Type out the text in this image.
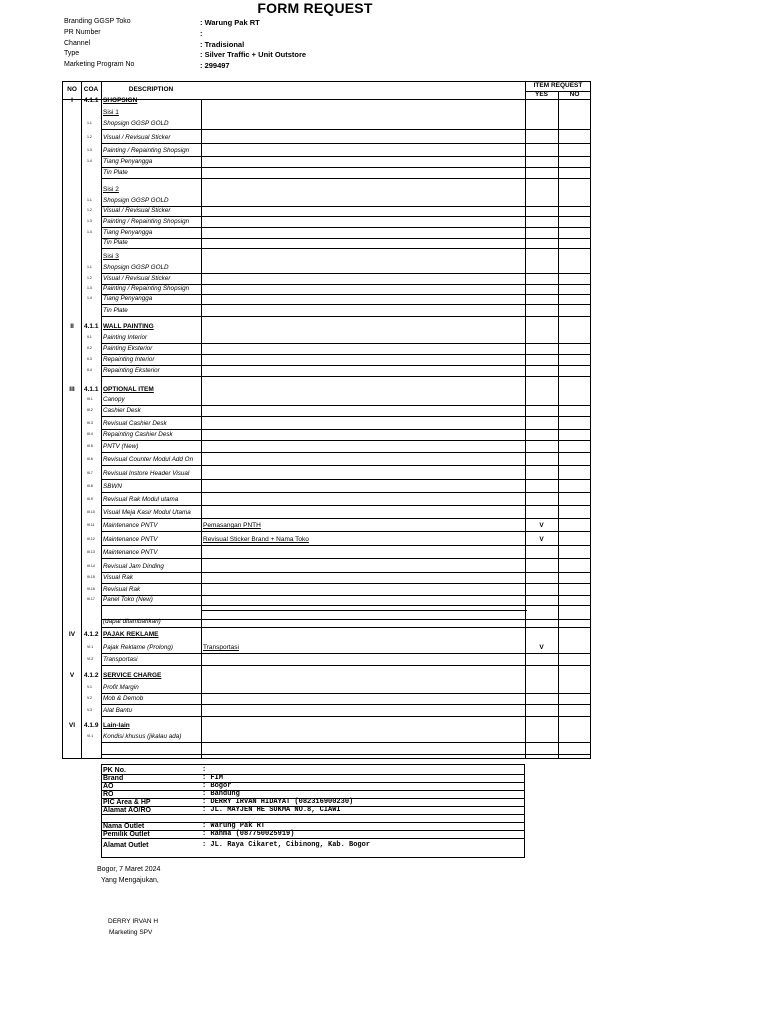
FORM REQUEST
Branding GGSP Toko	: Warung Pak RT
PR Number	:
Channel	: Tradisional
Type	: Silver Traffic + Unit Outstore
Marketing Program No	: 299497
NO	COA	DESCRIPTION
ITEM REQUEST
YES	NO
I	4.1.1 SHOPSIGN
Sisi 1
1.1 Shopsign GGSP GOLD
1.2 Visual / Revisual Sticker
1.3 Painting / Repainting Shopsign
1.4 Tiang Penyangga
Tin Plate
Sisi 2
1.1 Shopsign GGSP GOLD
1.2 Visual / Revisual Sticker
1.3 Painting / Repainting Shopsign
1.4 Tiang Penyangga
Tin Plate
Sisi 3
1.1 Shopsign GGSP GOLD
1.2 Visual / Revisual Sticker
1.3 Painting / Repainting Shopsign
1.4 Tiang Penyangga
Tin Plate
II	4.1.1 WALL PAINTING
II.1 Painting Interior
II.2 Painting Eksterior
II.3 Repainting Interior
II.4 Repainting Eksterior
III	4.1.1 OPTIONAL ITEM
III.1 Canopy
III.2 Cashier Desk
III.3 Revisual Cashier Desk
III.4 Repainting Cashier Desk
III.5 PNTV (New)
III.6 Revisual Counter Modul Add On
III.7 Revisual Instore Header Visual
III.8 SBWN
III.9 Revisual Rak Modul utama
III.10 Visual Meja Kasir Modul Utama
III.11 Maintenance PNTV	Pemasangan PNTH	V
III.12 Maintenance PNTV	Revisual Sticker Brand + Nama Toko	V
III.13 Maintenance PNTV
III.14 Revisual Jam Dinding
III.15 Visual Rak
III.16 Revisual Rak
III.17 Panel Toko (New)
(dapat ditambahkan)
IV	4.1.2 PAJAK REKLAME
VI.1 Pajak Reklame (Prolong)	Transportasi	V
VI.2 Transportasi
V	4.1.2 SERVICE CHARGE
V.1 Profit Margin
V.2 Mob & Demob
V.3 Alat Bantu
VI	4.1.9 Lain-lain
VI.1 Kondisi khusus (jikalau ada)
PK No.	:
Brand	: FIM
AO	: Bogor
RO	: Bandung
PIC Area & HP	: DERRY IRVAN HIDAYAT (082316900230)
Alamat AO/RO	: JL. MAYJEN HE SUKMA NO.8, CIAWI
Nama Outlet	: Warung Pak RT
Pemilik Outlet	: Rahma (087750025919)
Alamat Outlet	: JL. Raya Cikaret, Cibinong, Kab. Bogor
Bogor, 7 Maret 2024
Yang Mengajukan,
DERRY IRVAN H
Marketing SPV
